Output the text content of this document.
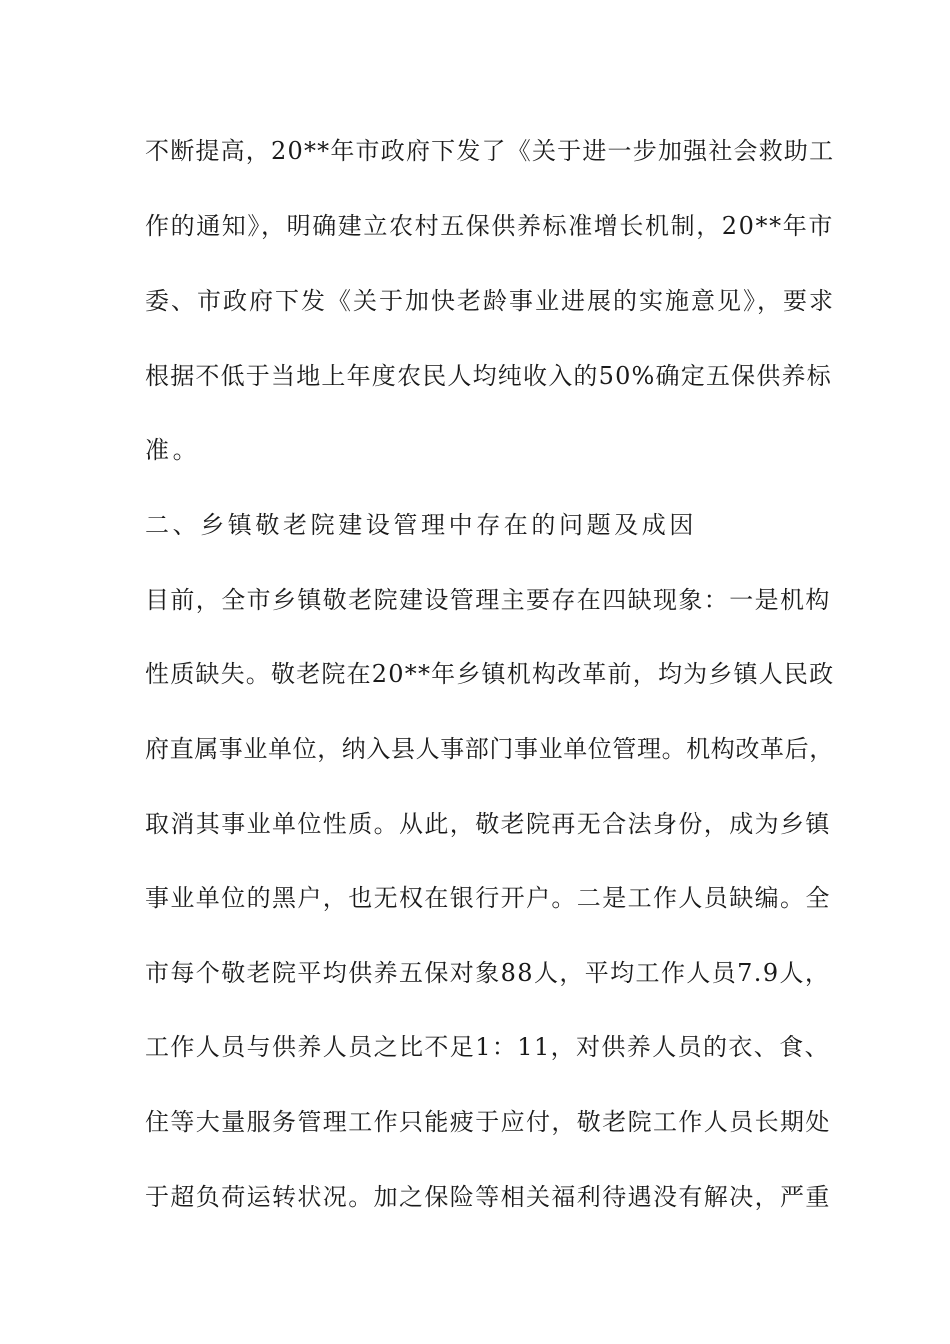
不断提高，20**年市政府下发了《关于进一步加强社会救助工
作的通知》，明确建立农村五保供养标准增长机制，20**年市
委、市政府下发《关于加快老龄事业进展的实施意见》，要求
根据不低于当地上年度农民人均纯收入的50%确定五保供养标
准。
二、乡镇敬老院建设管理中存在的问题及成因
目前，全市乡镇敬老院建设管理主要存在四缺现象：一是机构
性质缺失。敬老院在20**年乡镇机构改革前，均为乡镇人民政
府直属事业单位，纳入县人事部门事业单位管理。机构改革后，
取消其事业单位性质。从此，敬老院再无合法身份，成为乡镇
事业单位的黑户，也无权在银行开户。二是工作人员缺编。全
市每个敬老院平均供养五保对象88人，平均工作人员7.9人，
工作人员与供养人员之比不足1：11，对供养人员的衣、食、
住等大量服务管理工作只能疲于应付，敬老院工作人员长期处
于超负荷运转状况。加之保险等相关福利待遇没有解决，严重
